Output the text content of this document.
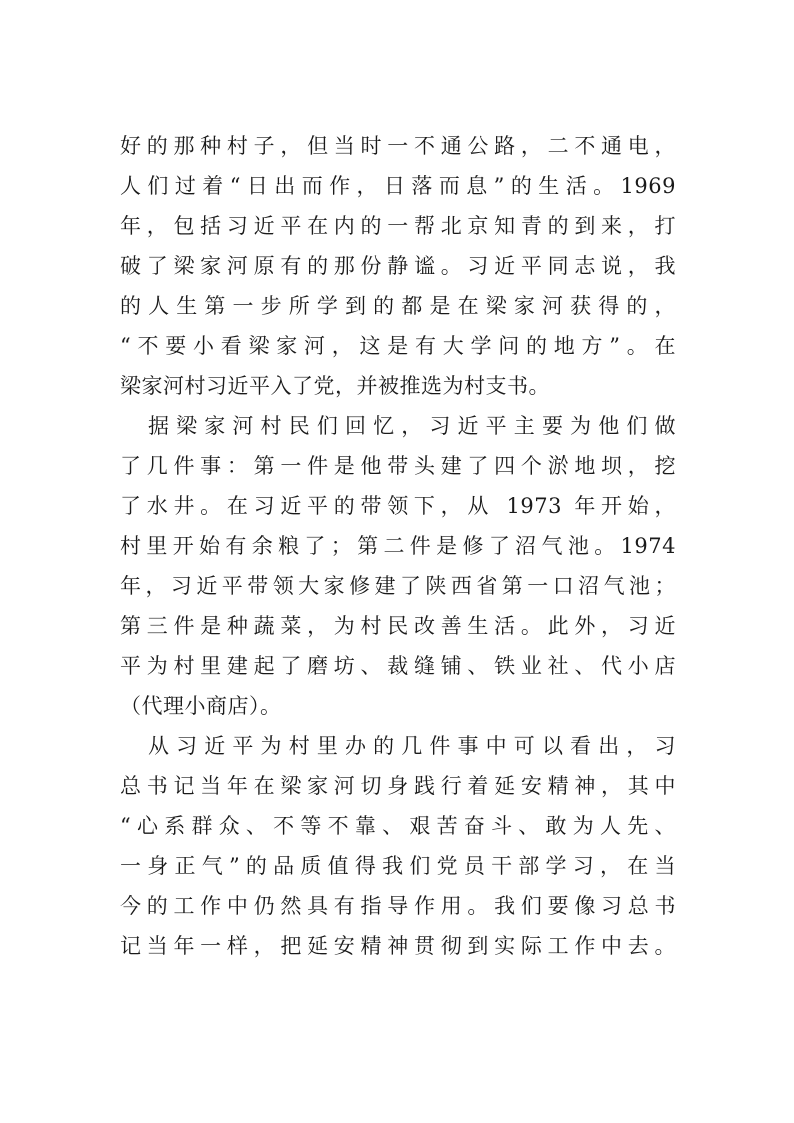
好的那种村子，但当时一不通公路，二不通电，
人们过着“日出而作，日落而息”的生活。1969
年，包括习近平在内的一帮北京知青的到来，打
破了梁家河原有的那份静谧。习近平同志说，我
的人生第一步所学到的都是在梁家河获得的，
“不要小看梁家河，这是有大学问的地方”。在
梁家河村习近平入了党，并被推选为村支书。
据梁家河村民们回忆，习近平主要为他们做
了几件事：第一件是他带头建了四个淤地坝，挖
了水井。在习近平的带领下，从 1973 年开始，
村里开始有余粮了；第二件是修了沼气池。1974
年，习近平带领大家修建了陕西省第一口沼气池；
第三件是种蔬菜，为村民改善生活。此外，习近
平为村里建起了磨坊、裁缝铺、铁业社、代小店
（代理小商店）。
从习近平为村里办的几件事中可以看出，习
总书记当年在梁家河切身践行着延安精神，其中
“心系群众、不等不靠、艰苦奋斗、敢为人先、
一身正气”的品质值得我们党员干部学习，在当
今的工作中仍然具有指导作用。我们要像习总书
记当年一样，把延安精神贯彻到实际工作中去。
